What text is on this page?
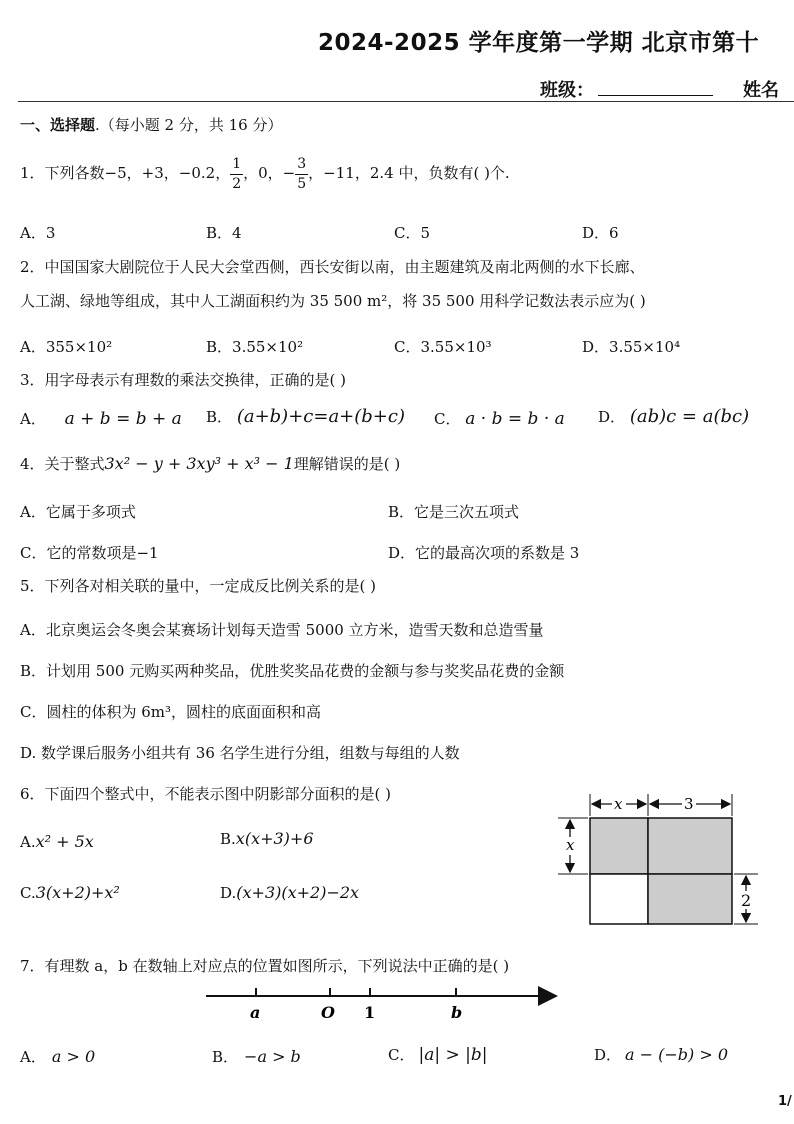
2024-2025 学年度第一学期 北京市第十
班级：	姓名
一、选择题.（每小题 2 分，共 16 分）
1．下列各数−5，+3，−0.2， $\frac{1}{2}$ ，0，− $\frac{3}{5}$ ，−11，2.4 中，负数有( )个.
A．3	B．4	C．5	D．6
2．中国国家大剧院位于人民大会堂西侧，西长安街以南，由主题建筑及南北两侧的水下长廊、
人工湖、绿地等组成，其中人工湖面积约为 35 500 m²，将 35 500 用科学记数法表示应为( )
A．355×10²	B．3.55×10²	C．3.55×10³	D．3.55×10⁴
3．用字母表示有理数的乘法交换律，正确的是( )
A． a + b = b + a B． (a+b)+c=a+(b+c) C． a · b = b · a D． (ab)c = a(bc)
4．关于整式3x² − y + 3xy³ + x³ − 1理解错误的是( )
A．它属于多项式	B．它是三次五项式
C．它的常数项是−1	D．它的最高次项的系数是 3
5．下列各对相关联的量中，一定成反比例关系的是( )
A．北京奥运会冬奥会某赛场计划每天造雪 5000 立方米，造雪天数和总造雪量
B．计划用 500 元购买两种奖品，优胜奖奖品花费的金额与参与奖奖品花费的金额
C．圆柱的体积为 6m³，圆柱的底面面积和高
D. 数学课后服务小组共有 36 名学生进行分组，组数与每组的人数
6．下面四个整式中，不能表示图中阴影部分面积的是( )
A.x² + 5x	B.x(x+3)+6
C.3(x+2)+x²	D.(x+3)(x+2)−2x
x	3
x
2
7．有理数 a，b 在数轴上对应点的位置如图所示，下列说法中正确的是( )
a	O 1	b
A． a > 0	B． −a > b	C． |a| > |b|	D． a − (−b) > 0
1/
